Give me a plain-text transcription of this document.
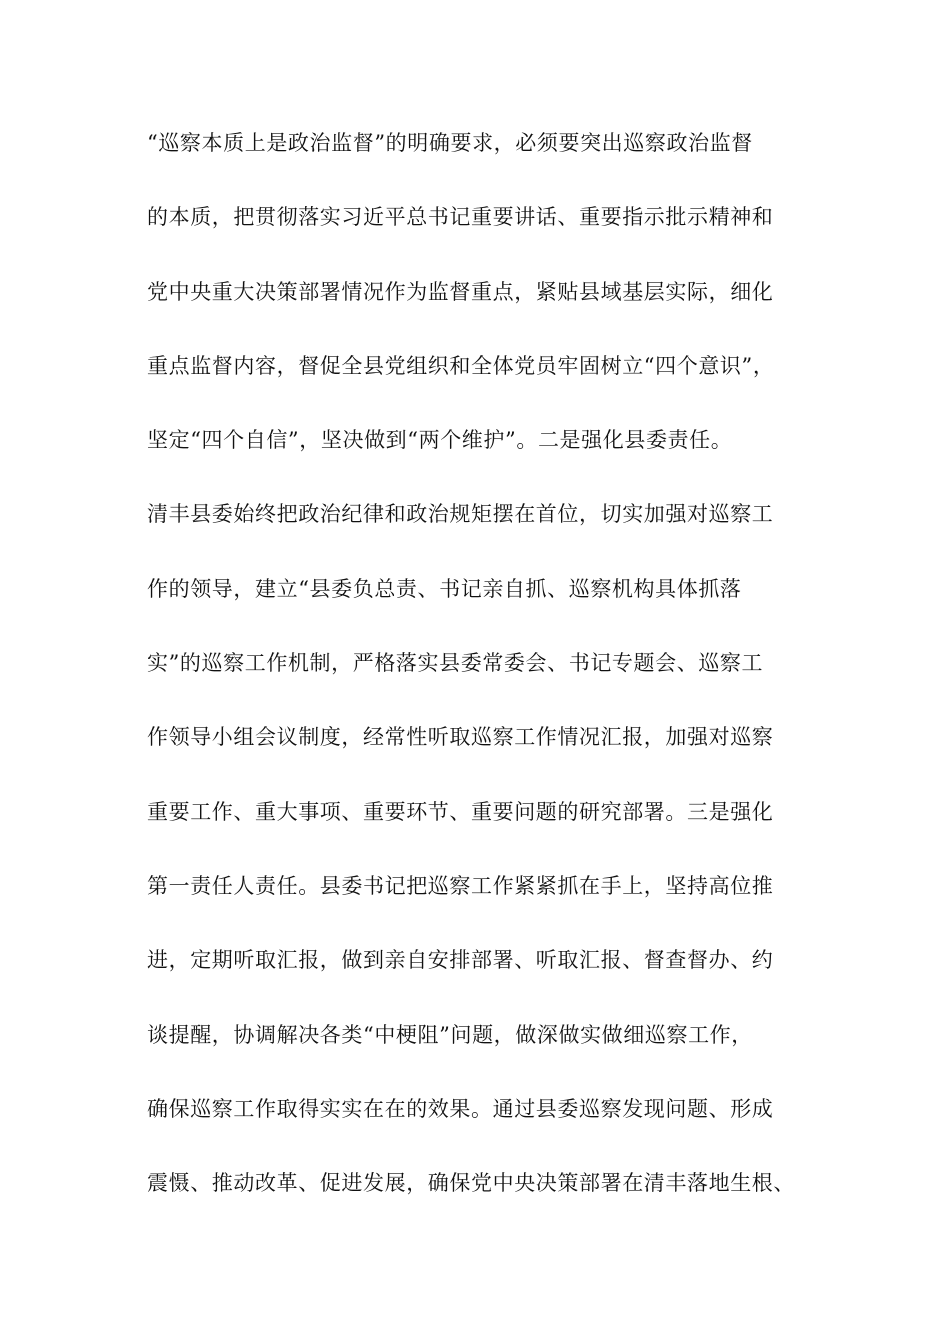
“巡察本质上是政治监督”的明确要求，必须要突出巡察政治监督
的本质，把贯彻落实习近平总书记重要讲话、重要指示批示精神和
党中央重大决策部署情况作为监督重点，紧贴县域基层实际，细化
重点监督内容，督促全县党组织和全体党员牢固树立“四个意识”，
坚定“四个自信”，坚决做到“两个维护”。二是强化县委责任。
清丰县委始终把政治纪律和政治规矩摆在首位，切实加强对巡察工
作的领导，建立“县委负总责、书记亲自抓、巡察机构具体抓落
实”的巡察工作机制，严格落实县委常委会、书记专题会、巡察工
作领导小组会议制度，经常性听取巡察工作情况汇报，加强对巡察
重要工作、重大事项、重要环节、重要问题的研究部署。三是强化
第一责任人责任。县委书记把巡察工作紧紧抓在手上，坚持高位推
进，定期听取汇报，做到亲自安排部署、听取汇报、督查督办、约
谈提醒，协调解决各类“中梗阻”问题，做深做实做细巡察工作，
确保巡察工作取得实实在在的效果。通过县委巡察发现问题、形成
震慑、推动改革、促进发展，确保党中央决策部署在清丰落地生根、
